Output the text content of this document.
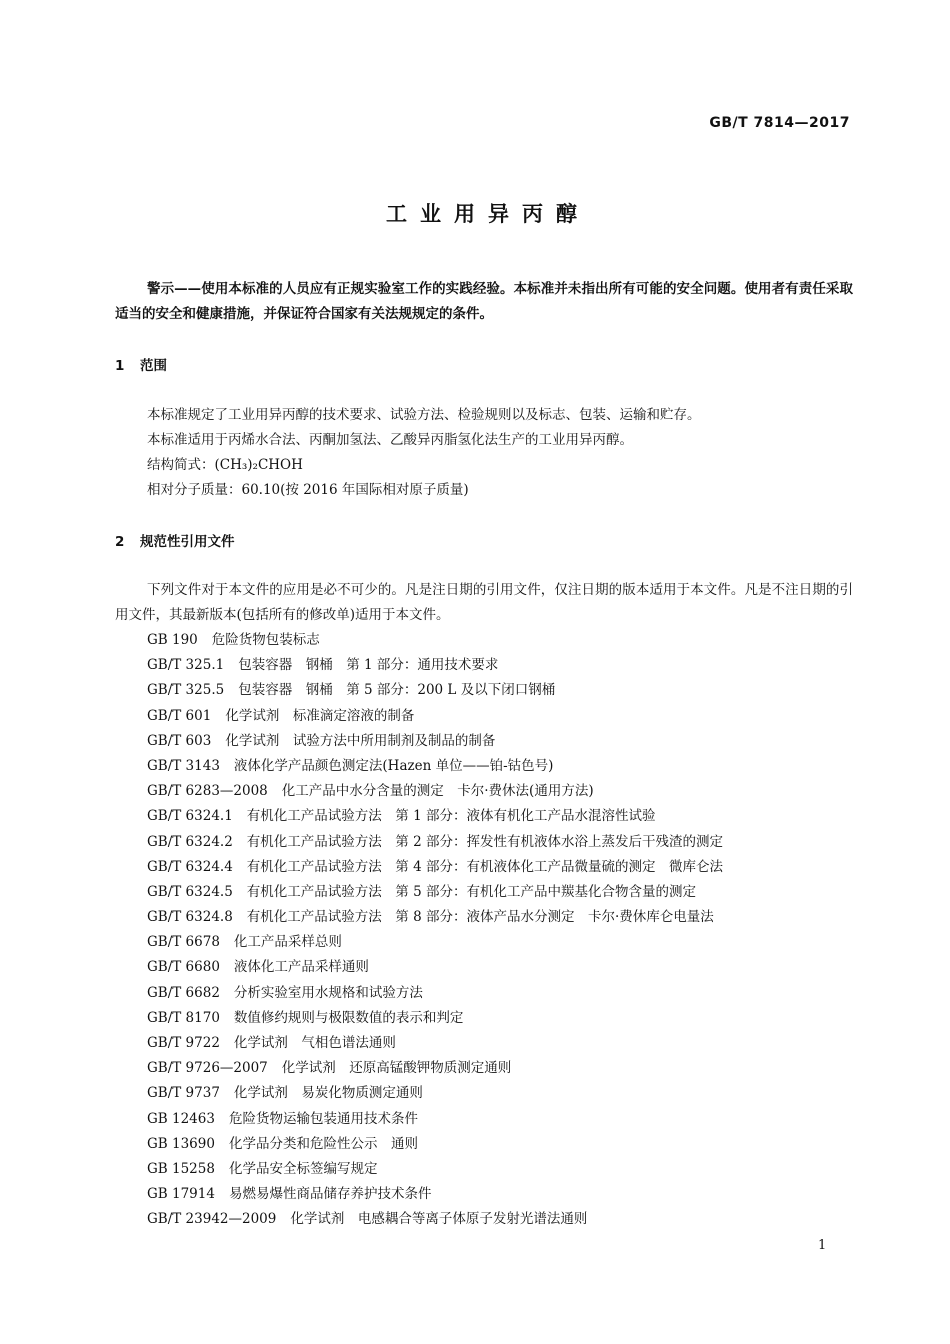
GB/T 7814—2017
工业用异丙醇
警示——使用本标准的人员应有正规实验室工作的实践经验。本标准并未指出所有可能的安全问题。使用者有责任采取适当的安全和健康措施，并保证符合国家有关法规规定的条件。
1 范围
本标准规定了工业用异丙醇的技术要求、试验方法、检验规则以及标志、包装、运输和贮存。
本标准适用于丙烯水合法、丙酮加氢法、乙酸异丙脂氢化法生产的工业用异丙醇。
结构简式：(CH₃)₂CHOH
相对分子质量：60.10(按 2016 年国际相对原子质量)
2 规范性引用文件
下列文件对于本文件的应用是必不可少的。凡是注日期的引用文件，仅注日期的版本适用于本文件。凡是不注日期的引用文件，其最新版本(包括所有的修改单)适用于本文件。
GB 190 危险货物包装标志
GB/T 325.1 包装容器　钢桶　第 1 部分：通用技术要求
GB/T 325.5 包装容器　钢桶　第 5 部分：200 L 及以下闭口钢桶
GB/T 601 化学试剂　标准滴定溶液的制备
GB/T 603 化学试剂　试验方法中所用制剂及制品的制备
GB/T 3143 液体化学产品颜色测定法(Hazen 单位——铂-钴色号)
GB/T 6283—2008 化工产品中水分含量的测定　卡尔·费休法(通用方法)
GB/T 6324.1 有机化工产品试验方法　第 1 部分：液体有机化工产品水混溶性试验
GB/T 6324.2 有机化工产品试验方法　第 2 部分：挥发性有机液体水浴上蒸发后干残渣的测定
GB/T 6324.4 有机化工产品试验方法　第 4 部分：有机液体化工产品微量硫的测定　微库仑法
GB/T 6324.5 有机化工产品试验方法　第 5 部分：有机化工产品中羰基化合物含量的测定
GB/T 6324.8 有机化工产品试验方法　第 8 部分：液体产品水分测定　卡尔·费休库仑电量法
GB/T 6678 化工产品采样总则
GB/T 6680 液体化工产品采样通则
GB/T 6682 分析实验室用水规格和试验方法
GB/T 8170 数值修约规则与极限数值的表示和判定
GB/T 9722 化学试剂　气相色谱法通则
GB/T 9726—2007 化学试剂　还原高锰酸钾物质测定通则
GB/T 9737 化学试剂　易炭化物质测定通则
GB 12463 危险货物运输包装通用技术条件
GB 13690 化学品分类和危险性公示　通则
GB 15258 化学品安全标签编写规定
GB 17914 易燃易爆性商品储存养护技术条件
GB/T 23942—2009 化学试剂　电感耦合等离子体原子发射光谱法通则
1
